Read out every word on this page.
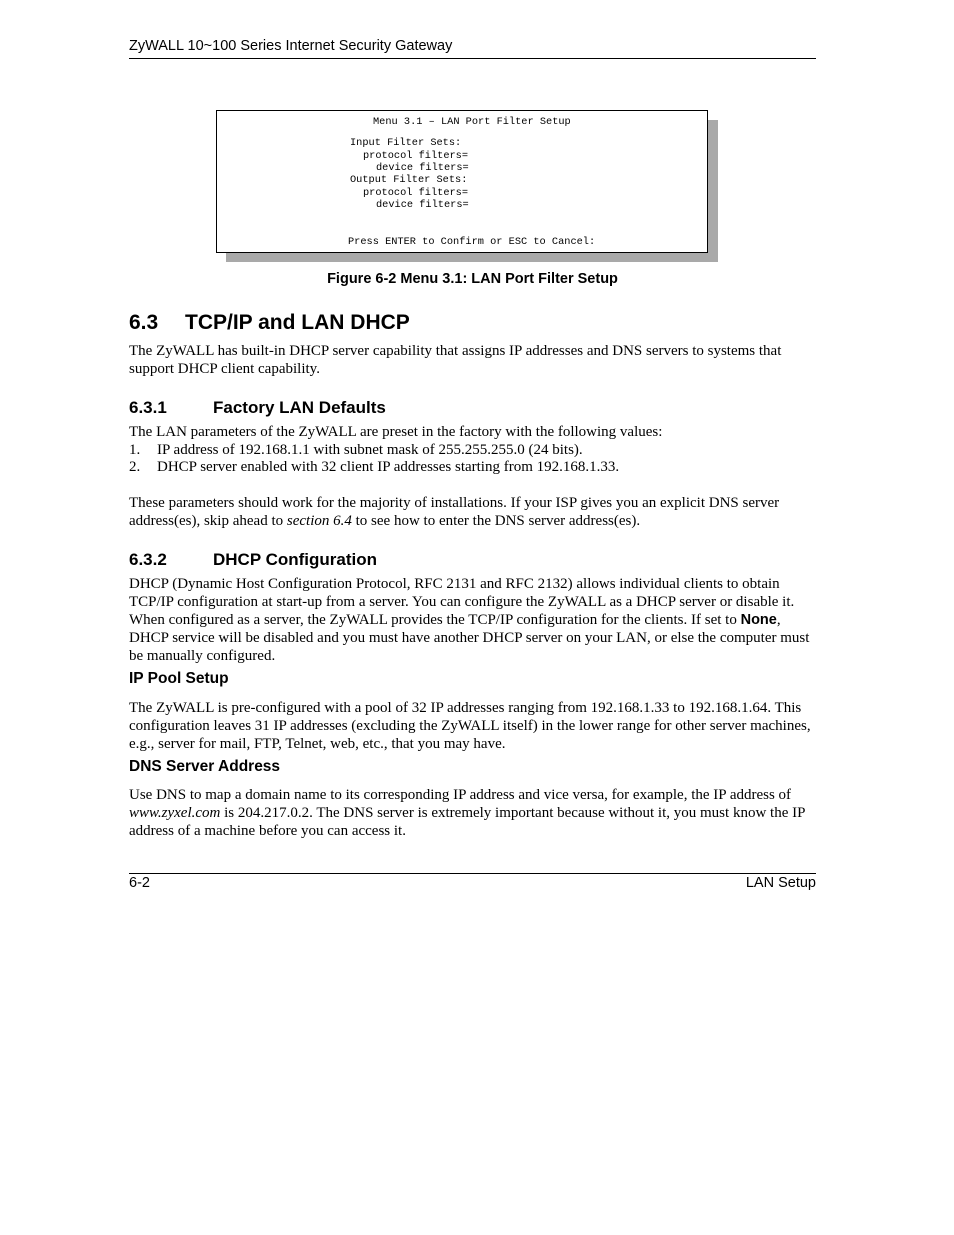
ZyWALL 10~100 Series Internet Security Gateway
Menu 3.1 – LAN Port Filter Setup
Input Filter Sets:
protocol filters=
device filters=
Output Filter Sets:
protocol filters=
device filters=
Press ENTER to Confirm or ESC to Cancel:
Figure 6-2 Menu 3.1: LAN Port Filter Setup
6.3 TCP/IP and LAN DHCP
The ZyWALL has built-in DHCP server capability that assigns IP addresses and DNS servers to systems that support DHCP client capability.
6.3.1	Factory LAN Defaults
The LAN parameters of the ZyWALL are preset in the factory with the following values:
1. IP address of 192.168.1.1 with subnet mask of 255.255.255.0 (24 bits).
2. DHCP server enabled with 32 client IP addresses starting from 192.168.1.33.
These parameters should work for the majority of installations. If your ISP gives you an explicit DNS server address(es), skip ahead to section 6.4 to see how to enter the DNS server address(es).
6.3.2	DHCP Configuration
DHCP (Dynamic Host Configuration Protocol, RFC 2131 and RFC 2132) allows individual clients to obtain TCP/IP configuration at start-up from a server. You can configure the ZyWALL as a DHCP server or disable it. When configured as a server, the ZyWALL provides the TCP/IP configuration for the clients. If set to None, DHCP service will be disabled and you must have another DHCP server on your LAN, or else the computer must be manually configured.
IP Pool Setup
The ZyWALL is pre-configured with a pool of 32 IP addresses ranging from 192.168.1.33 to 192.168.1.64. This configuration leaves 31 IP addresses (excluding the ZyWALL itself) in the lower range for other server machines, e.g., server for mail, FTP, Telnet, web, etc., that you may have.
DNS Server Address
Use DNS to map a domain name to its corresponding IP address and vice versa, for example, the IP address of www.zyxel.com is 204.217.0.2. The DNS server is extremely important because without it, you must know the IP address of a machine before you can access it.
6-2	LAN Setup
